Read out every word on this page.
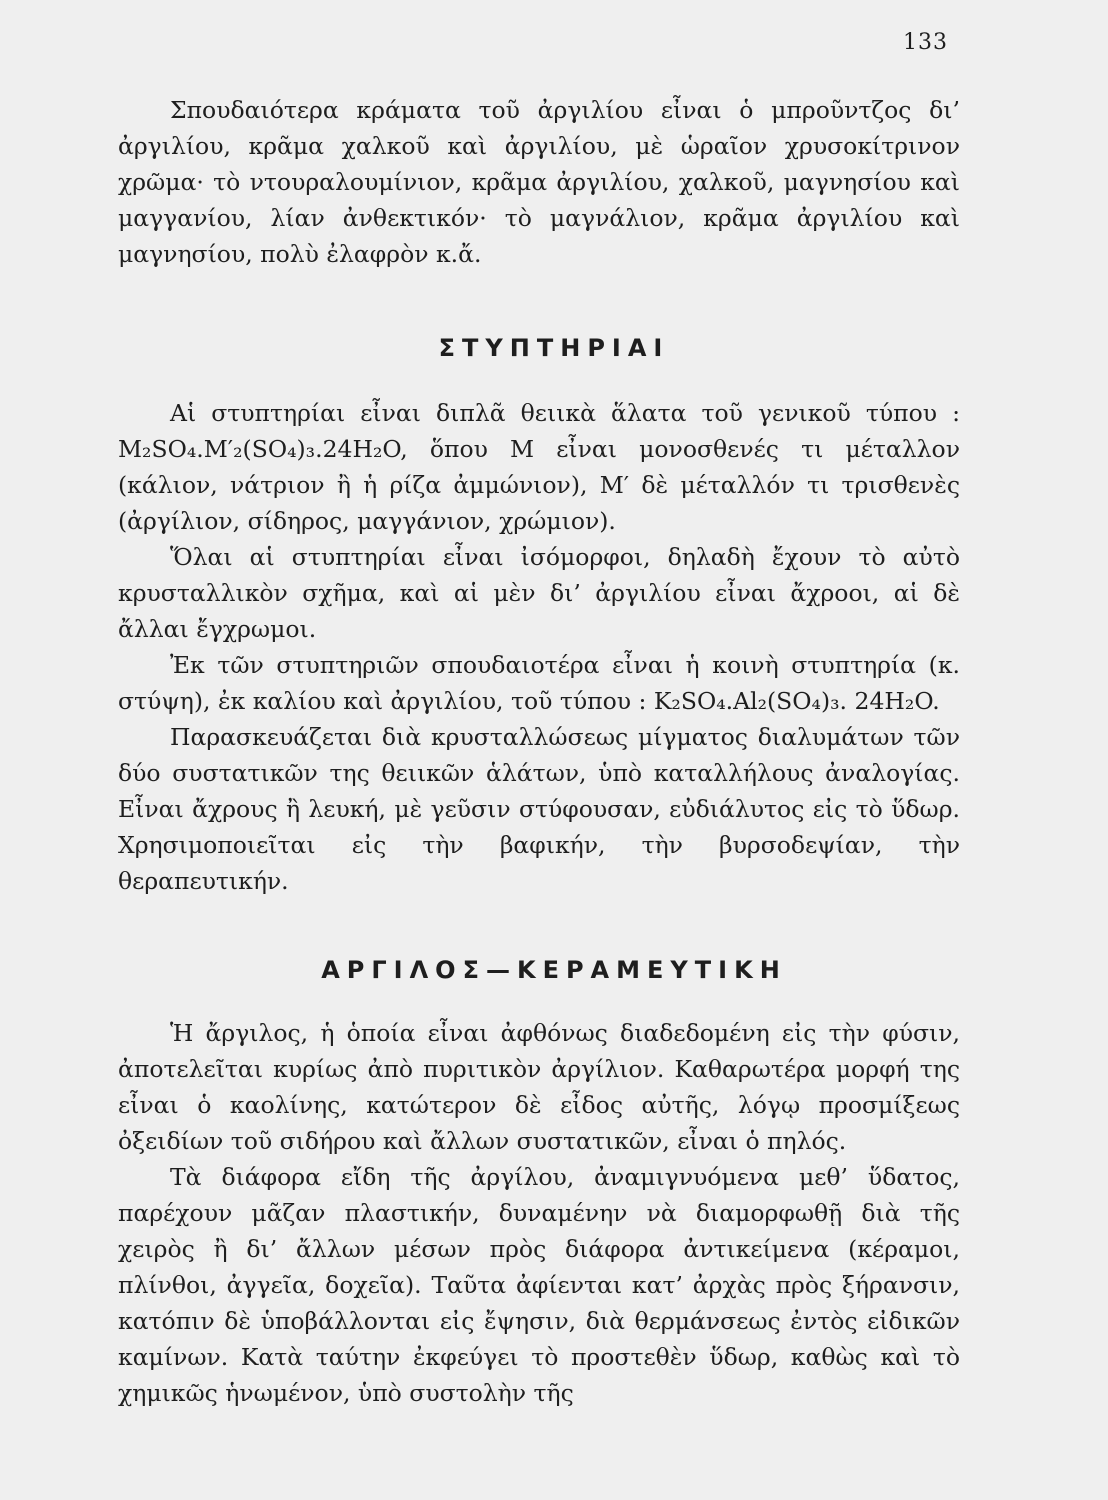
133

Σπουδαιότερα κράματα τοῦ ἀργιλίου εἶναι ὁ μπροῦντζος δι’ ἀργιλίου, κρᾶμα χαλκοῦ καὶ ἀργιλίου, μὲ ὡραῖον χρυσοκίτρινον χρῶμα· τὸ ντουραλουμίνιον, κρᾶμα ἀργιλίου, χαλκοῦ, μαγνησίου καὶ μαγγανίου, λίαν ἀνθεκτικόν· τὸ μαγνάλιον, κρᾶμα ἀργιλίου καὶ μαγνησίου, πολὺ ἐλαφρὸν κ.ἄ.

ΣΤΥΠΤΗΡΙΑΙ

Αἱ στυπτηρίαι εἶναι διπλᾶ θειικὰ ἅλατα τοῦ γενικοῦ τύπου : M₂SO₄.M′₂(SO₄)₃.24H₂O, ὅπου M εἶναι μονοσθενές τι μέταλλον (κάλιον, νάτριον ἢ ἡ ρίζα ἀμμώνιον), M′ δὲ μέταλλόν τι τρισθενὲς (ἀργίλιον, σίδηρος, μαγγάνιον, χρώμιον).

Ὅλαι αἱ στυπτηρίαι εἶναι ἰσόμορφοι, δηλαδὴ ἔχουν τὸ αὐτὸ κρυσταλλικὸν σχῆμα, καὶ αἱ μὲν δι’ ἀργιλίου εἶναι ἄχροοι, αἱ δὲ ἄλλαι ἔγχρωμοι.

Ἐκ τῶν στυπτηριῶν σπουδαιοτέρα εἶναι ἡ κοινὴ στυπτηρία (κ. στύψη), ἐκ καλίου καὶ ἀργιλίου, τοῦ τύπου : K₂SO₄.Al₂(SO₄)₃. 24H₂O.

Παρασκευάζεται διὰ κρυσταλλώσεως μίγματος διαλυμάτων τῶν δύο συστατικῶν της θειικῶν ἁλάτων, ὑπὸ καταλλήλους ἀναλογίας. Εἶναι ἄχρους ἢ λευκή, μὲ γεῦσιν στύφουσαν, εὐδιάλυτος εἰς τὸ ὕδωρ. Χρησιμοποιεῖται εἰς τὴν βαφικήν, τὴν βυρσοδεψίαν, τὴν θεραπευτικήν.

ΑΡΓΙΛΟΣ—ΚΕΡΑΜΕΥΤΙΚΗ

Ἡ ἄργιλος, ἡ ὁποία εἶναι ἀφθόνως διαδεδομένη εἰς τὴν φύσιν, ἀποτελεῖται κυρίως ἀπὸ πυριτικὸν ἀργίλιον. Καθαρωτέρα μορφή της εἶναι ὁ καολίνης, κατώτερον δὲ εἶδος αὐτῆς, λόγῳ προσμίξεως ὀξειδίων τοῦ σιδήρου καὶ ἄλλων συστατικῶν, εἶναι ὁ πηλός.

Τὰ διάφορα εἴδη τῆς ἀργίλου, ἀναμιγνυόμενα μεθ’ ὕδατος, παρέχουν μᾶζαν πλαστικήν, δυναμένην νὰ διαμορφωθῇ διὰ τῆς χειρὸς ἢ δι’ ἄλλων μέσων πρὸς διάφορα ἀντικείμενα (κέραμοι, πλίνθοι, ἀγγεῖα, δοχεῖα). Ταῦτα ἀφίενται κατ’ ἀρχὰς πρὸς ξήρανσιν, κατόπιν δὲ ὑποβάλλονται εἰς ἔψησιν, διὰ θερμάνσεως ἐντὸς εἰδικῶν καμίνων. Κατὰ ταύτην ἐκφεύγει τὸ προστεθὲν ὕδωρ, καθὼς καὶ τὸ χημικῶς ἡνωμένον, ὑπὸ συστολὴν τῆς
